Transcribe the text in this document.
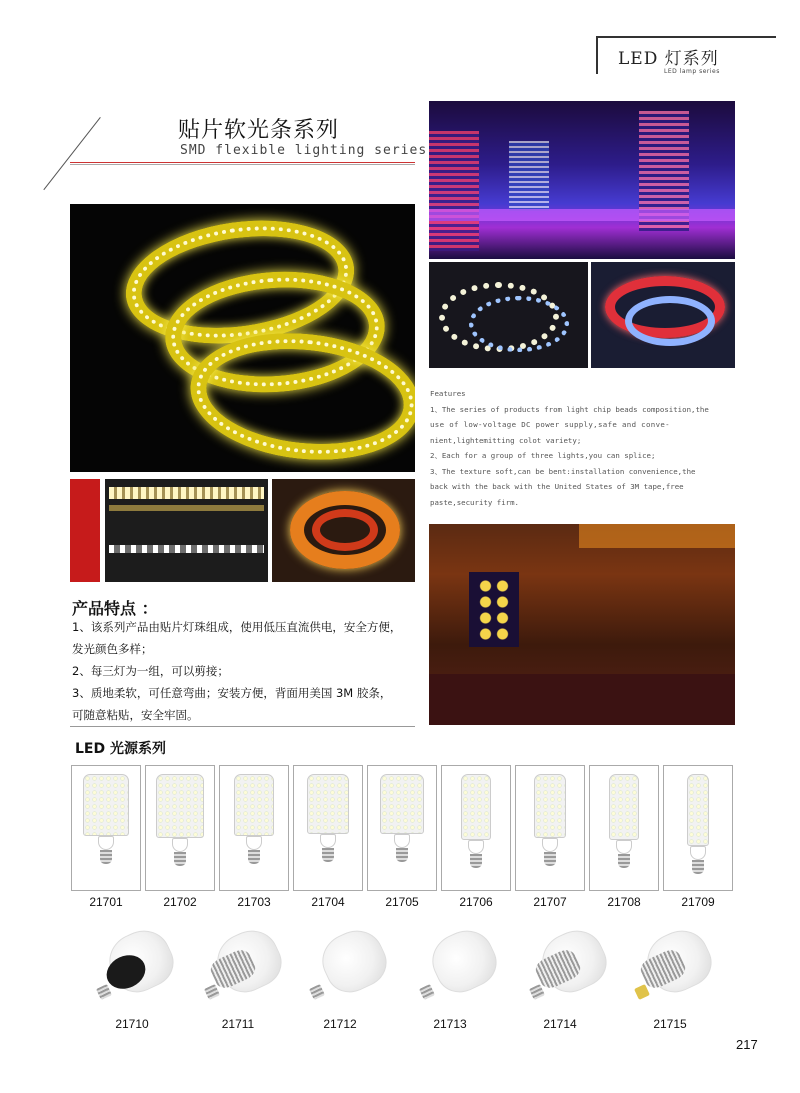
LED 灯系列
LED lamp series
贴片软光条系列
SMD flexible lighting series

Features

1、The series of products from light chip beads composition,the

use of low-voltage DC power supply,safe and conve-

nient,lightemitting colot variety;

2、Each for a group of three lights,you can splice;

3、The texture soft,can be bent:installation convenience,the

back with the back with the United States of 3M tape,free

paste,security firm.

产品特点 ：

1、该系列产品由贴片灯珠组成，使用低压直流供电，安全方便，

发光颜色多样；

2、每三灯为一组，可以剪接；

3、质地柔软，可任意弯曲；安装方便，背面用美国 3M 胶条，

可随意粘贴，安全牢固。

LED 光源系列
21701	21702	21703	21704	21705	21706	21707	21708	21709
21710	21711	21712	21713	21714	21715
217
